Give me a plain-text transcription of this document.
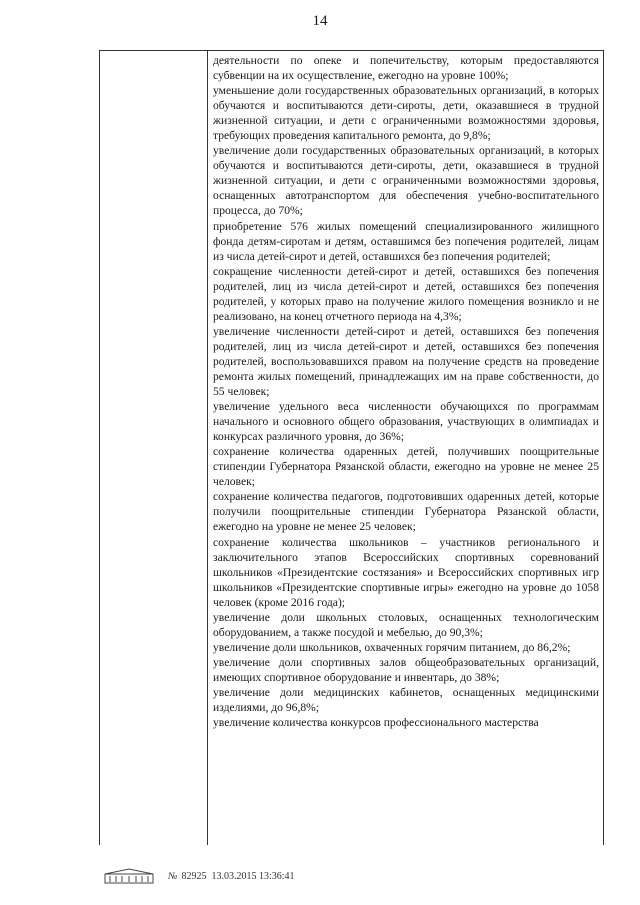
14

деятельности по опеке и попечительству, которым предоставляются субвенции на их осуществление, ежегодно на уровне 100%;

уменьшение доли государственных образовательных организаций, в которых обучаются и воспитываются дети-сироты, дети, оказавшиеся в трудной жизненной ситуации, и дети с ограниченными возможностями здоровья, требующих проведения капитального ремонта, до 9,8%;

увеличение доли государственных образовательных организаций, в которых обучаются и воспитываются дети-сироты, дети, оказавшиеся в трудной жизненной ситуации, и дети с ограниченными возможностями здоровья, оснащенных автотранспортом для обеспечения учебно-воспитательного процесса, до 70%;

приобретение 576 жилых помещений специализированного жилищного фонда детям-сиротам и детям, оставшимся без попечения родителей, лицам из числа детей-сирот и детей, оставшихся без попечения родителей;

сокращение численности детей-сирот и детей, оставшихся без попечения родителей, лиц из числа детей-сирот и детей, оставшихся без попечения родителей, у которых право на получение жилого помещения возникло и не реализовано, на конец отчетного периода на 4,3%;

увеличение численности детей-сирот и детей, оставшихся без попечения родителей, лиц из числа детей-сирот и детей, оставшихся без попечения родителей, воспользовавшихся правом на получение средств на проведение ремонта жилых помещений, принадлежащих им на праве собственности, до 55 человек;

увеличение удельного веса численности обучающихся по программам начального и основного общего образования, участвующих в олимпиадах и конкурсах различного уровня, до 36%;

сохранение количества одаренных детей, получивших поощрительные стипендии Губернатора Рязанской области, ежегодно на уровне не менее 25 человек;

сохранение количества педагогов, подготовивших одаренных детей, которые получили поощрительные стипендии Губернатора Рязанской области, ежегодно на уровне не менее 25 человек;

сохранение количества школьников – участников регионального и заключительного этапов Всероссийских спортивных соревнований школьников «Президентские состязания» и Всероссийских спортивных игр школьников «Президентские спортивные игры» ежегодно на уровне до 1058 человек (кроме 2016 года);

увеличение доли школьных столовых, оснащенных технологическим оборудованием, а также посудой и мебелью, до 90,3%;

увеличение доли школьников, охваченных горячим питанием, до 86,2%;

увеличение доли спортивных залов общеобразовательных организаций, имеющих спортивное оборудование и инвентарь, до 38%;

увеличение доли медицинских кабинетов, оснащенных медицинскими изделиями, до 96,8%;

увеличение количества конкурсов профессионального мастерства

№ 82925
13.03.2015
13:36:41
